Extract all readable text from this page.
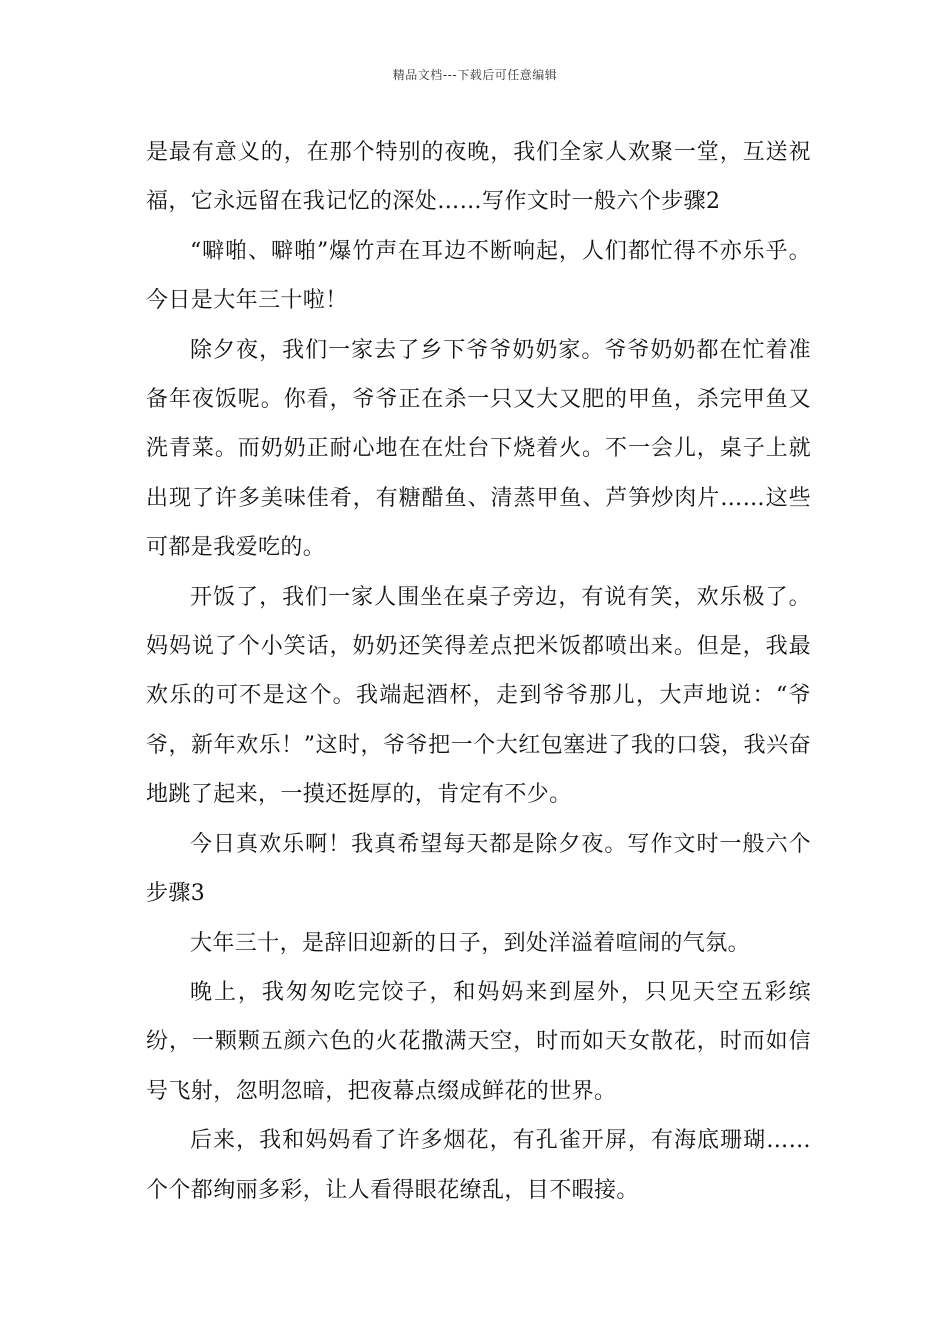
精品文档---下载后可任意编辑

是最有意义的，在那个特别的夜晚，我们全家人欢聚一堂，互送祝福，它永远留在我记忆的深处……写作文时一般六个步骤2

“噼啪、噼啪”爆竹声在耳边不断响起，人们都忙得不亦乐乎。今日是大年三十啦！

除夕夜，我们一家去了乡下爷爷奶奶家。爷爷奶奶都在忙着准备年夜饭呢。你看，爷爷正在杀一只又大又肥的甲鱼，杀完甲鱼又洗青菜。而奶奶正耐心地在在灶台下烧着火。不一会儿，桌子上就出现了许多美味佳肴，有糖醋鱼、清蒸甲鱼、芦笋炒肉片……这些可都是我爱吃的。

开饭了，我们一家人围坐在桌子旁边，有说有笑，欢乐极了。妈妈说了个小笑话，奶奶还笑得差点把米饭都喷出来。但是，我最欢乐的可不是这个。我端起酒杯，走到爷爷那儿，大声地说：“爷爷，新年欢乐！”这时，爷爷把一个大红包塞进了我的口袋，我兴奋地跳了起来，一摸还挺厚的，肯定有不少。

今日真欢乐啊！我真希望每天都是除夕夜。写作文时一般六个步骤3

大年三十，是辞旧迎新的日子，到处洋溢着喧闹的气氛。

晚上，我匆匆吃完饺子，和妈妈来到屋外，只见天空五彩缤纷，一颗颗五颜六色的火花撒满天空，时而如天女散花，时而如信号飞射，忽明忽暗，把夜幕点缀成鲜花的世界。

后来，我和妈妈看了许多烟花，有孔雀开屏，有海底珊瑚……个个都绚丽多彩，让人看得眼花缭乱，目不暇接。
